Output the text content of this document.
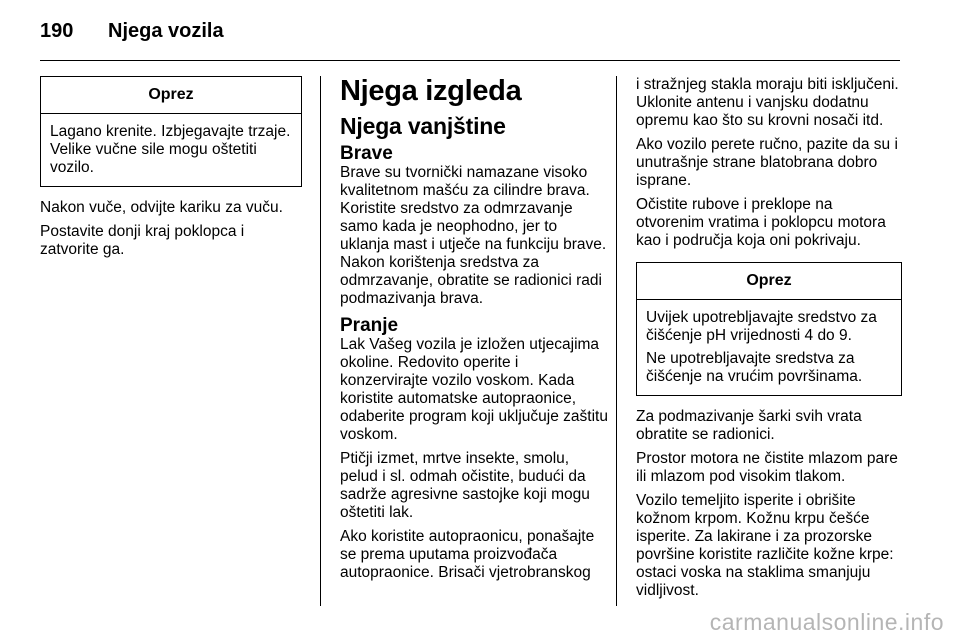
190 Njega vozila
Oprez

Lagano krenite. Izbjegavajte trzaje. Velike vučne sile mogu oštetiti vozilo.

Nakon vuče, odvijte kariku za vuču.

Postavite donji kraj poklopca i zatvorite ga.

Njega izgleda
Njega vanjštine
Brave

Brave su tvornički namazane visoko kvalitetnom mašću za cilindre brava. Koristite sredstvo za odmrzavanje samo kada je neophodno, jer to uklanja mast i utječe na funkciju brave. Nakon korištenja sredstva za odmrzavanje, obratite se radionici radi podmazivanja brava.

Pranje

Lak Vašeg vozila je izložen utjecajima okoline. Redovito operite i konzervirajte vozilo voskom. Kada koristite automatske autopraonice, odaberite program koji uključuje zaštitu voskom.

Ptičji izmet, mrtve insekte, smolu, pelud i sl. odmah očistite, budući da sadrže agresivne sastojke koji mogu oštetiti lak.

Ako koristite autopraonicu, ponašajte se prema uputama proizvođača autopraonice. Brisači vjetrobranskog

i stražnjeg stakla moraju biti isključeni. Uklonite antenu i vanjsku dodatnu opremu kao što su krovni nosači itd.

Ako vozilo perete ručno, pazite da su i unutrašnje strane blatobrana dobro isprane.

Očistite rubove i preklope na otvorenim vratima i poklopcu motora kao i područja koja oni pokrivaju.

Oprez

Uvijek upotrebljavajte sredstvo za čišćenje pH vrijednosti 4 do 9.

Ne upotrebljavajte sredstva za čišćenje na vrućim površinama.

Za podmazivanje šarki svih vrata obratite se radionici.

Prostor motora ne čistite mlazom pare ili mlazom pod visokim tlakom.

Vozilo temeljito isperite i obrišite kožnom krpom. Kožnu krpu češće isperite. Za lakirane i za prozorske površine koristite različite kožne krpe: ostaci voska na staklima smanjuju vidljivost.

carmanualsonline.info
